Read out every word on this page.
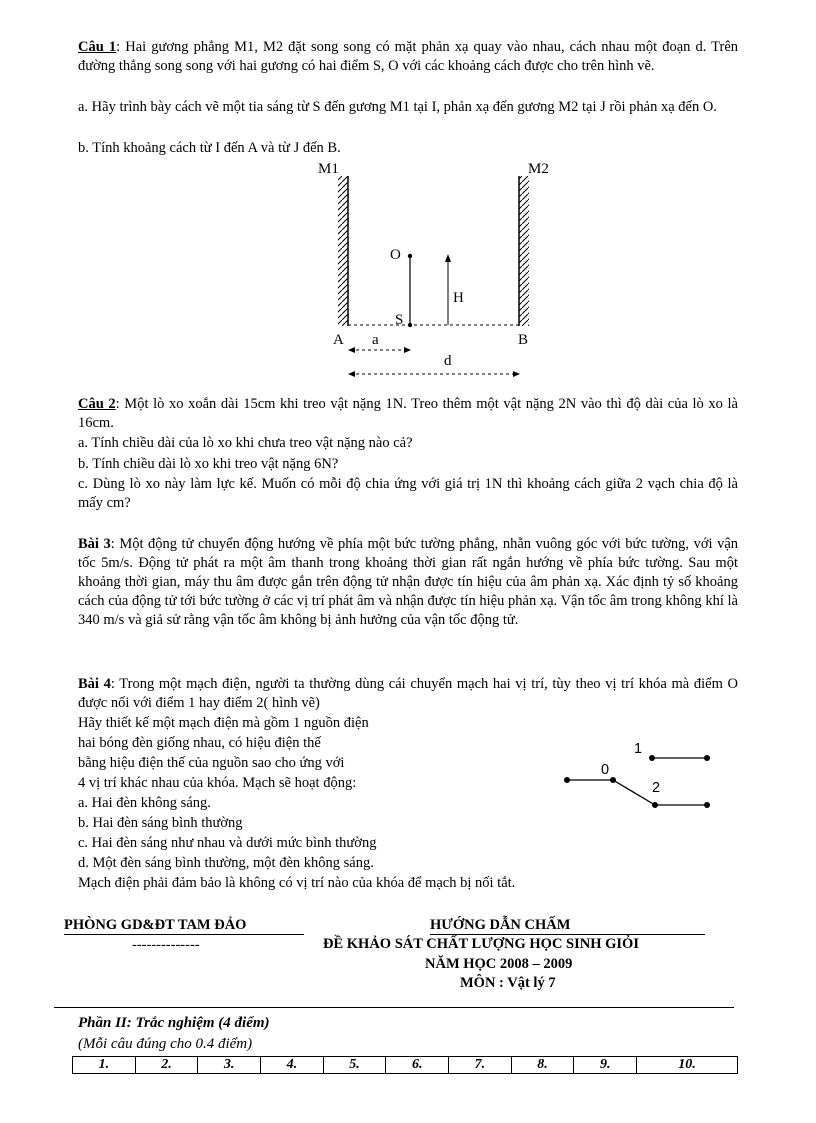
Câu 1: Hai gương phẳng M1, M2 đặt song song có mặt phản xạ quay vào nhau, cách nhau một đoạn d. Trên đường thẳng song song với hai gương có hai điểm S, O với các khoảng cách được cho trên hình vẽ.
a. Hãy trình bày cách vẽ một tia sáng từ S đến gương M1 tại I, phản xạ đến gương M2 tại J rồi phản xạ đến O.
b. Tính khoảng cách từ I đến A và từ J đến B.
M1	M2
O
S
H
A	B
a
d
Câu 2: Một lò xo xoắn dài 15cm khi treo vật nặng 1N. Treo thêm một vật nặng 2N vào thì độ dài của lò xo là 16cm.
a. Tính chiều dài của lò xo khi chưa treo vật nặng nào cả?
b. Tính chiều dài lò xo khi treo vật nặng 6N?
c. Dùng lò xo này làm lực kế. Muốn có mỗi độ chia ứng với giá trị 1N thì khoảng cách giữa 2 vạch chia độ là mấy cm?
Bài 3: Một động tử chuyển động hướng về phía một bức tường phẳng, nhẵn vuông góc với bức tường, với vận tốc 5m/s. Động tử phát ra một âm thanh trong khoảng thời gian rất ngắn hướng về phía bức tường. Sau một khoảng thời gian, máy thu âm được gắn trên động tử nhận được tín hiệu của âm phản xạ. Xác định tỷ số khoảng cách của động tử tới bức tường ở các vị trí phát âm và nhận được tín hiệu phản xạ. Vận tốc âm trong không khí là 340 m/s và giả sử rằng vận tốc âm không bị ảnh hưởng của vận tốc động tử.
Bài 4: Trong một mạch điện, người ta thường dùng cái chuyển mạch hai vị trí, tùy theo vị trí khóa mà điểm O được nối với điểm 1 hay điểm 2( hình vẽ)
Hãy thiết kế một mạch điện mà gồm 1 nguồn điện
hai bóng đèn giống nhau, có hiệu điện thế
bằng hiệu điện thế của nguồn sao cho ứng với
4 vị trí khác nhau của khóa. Mạch sẽ hoạt động:
a. Hai đèn không sáng.
b. Hai đèn sáng bình thường
c. Hai đèn sáng như nhau và dưới mức bình thường
d. Một đèn sáng bình thường, một đèn không sáng.
Mạch điện phải đảm bảo là không có vị trí nào của khóa để mạch bị nối tắt.
1
0
2
PHÒNG GD&ĐT TAM ĐẢO	HƯỚNG DẪN CHẤM
--------------	ĐỀ KHẢO SÁT CHẤT LƯỢNG HỌC SINH GIỎI
NĂM HỌC 2008 – 2009
MÔN : Vật lý 7
Phần II: Trắc nghiệm (4 điểm)
(Mỗi câu đúng cho 0.4 điểm)
1.	2.	3.	4.	5.	6.	7.	8.	9.	10.
